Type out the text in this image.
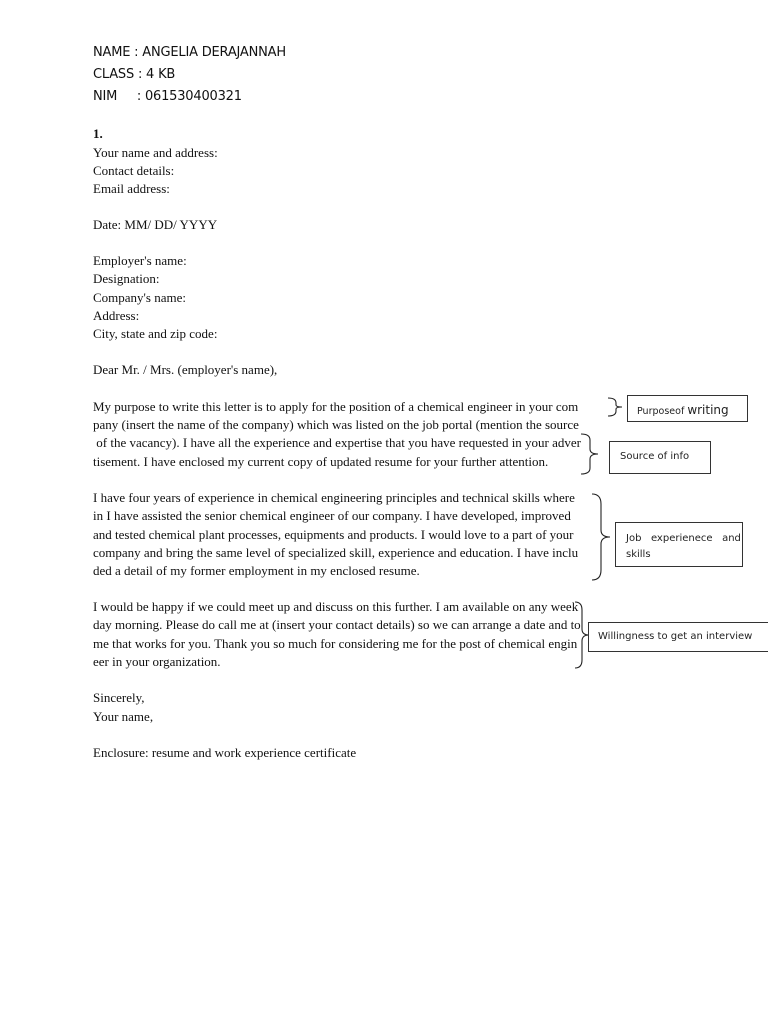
NAME : ANGELIA DERAJANNAH
CLASS : 4 KB
NIM     : 061530400321
1.
Your name and address:
Contact details:
Email address:
Date: MM/ DD/ YYYY
Employer's name:
Designation:
Company's name:
Address:
City, state and zip code:
Dear Mr. / Mrs. (employer's name),
My purpose to write this letter is to apply for the position of a chemical engineer in your com
pany (insert the name of the company) which was listed on the job portal (mention the source
of the vacancy). I have all the experience and expertise that you have requested in your adver
tisement. I have enclosed my current copy of updated resume for your further attention.
I have four years of experience in chemical engineering principles and technical skills where
in I have assisted the senior chemical engineer of our company. I have developed, improved
and tested chemical plant processes, equipments and products. I would love to a part of your
company and bring the same level of specialized skill, experience and education. I have inclu
ded a detail of my former employment in my enclosed resume.
I would be happy if we could meet up and discuss on this further. I am available on any week
day morning. Please do call me at (insert your contact details) so we can arrange a date and to
me that works for you. Thank you so much for considering me for the post of chemical engin
eer in your organization.
Sincerely,
Your name,
Enclosure: resume and work experience certificate
Purposeof writing
Source of info
Job   experienece   and
skills
Willingness to get an interview
